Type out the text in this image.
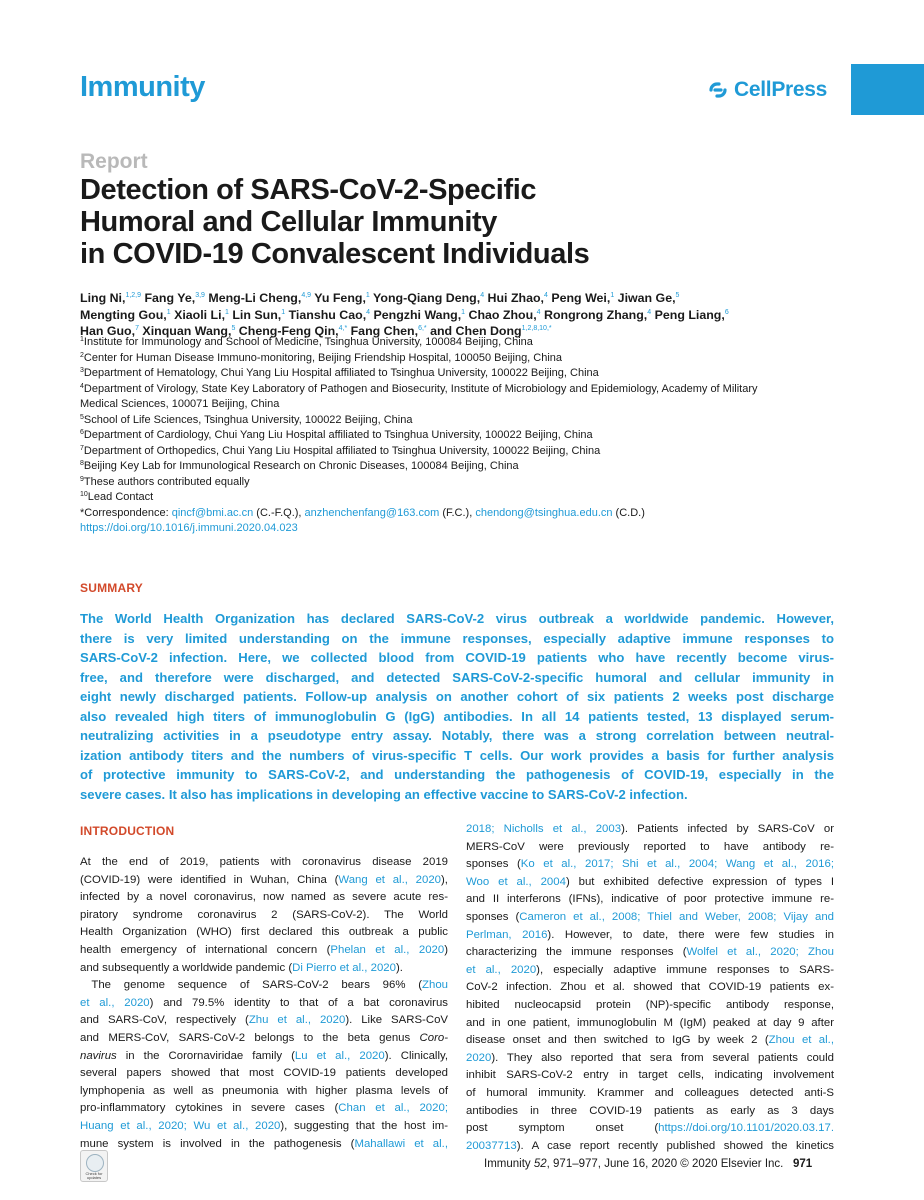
Immunity	CellPress
Report
Detection of SARS-CoV-2-Specific
Humoral and Cellular Immunity
in COVID-19 Convalescent Individuals
Ling Ni,$^{1,2,9}$ Fang Ye,$^{3,9}$ Meng-Li Cheng,$^{4,9}$ Yu Feng,$^1$ Yong-Qiang Deng,$^4$ Hui Zhao,$^4$ Peng Wei,$^1$ Jiwan Ge,$^5$
Mengting Gou,$^1$ Xiaoli Li,$^1$ Lin Sun,$^1$ Tianshu Cao,$^4$ Pengzhi Wang,$^1$ Chao Zhou,$^4$ Rongrong Zhang,$^4$ Peng Liang,$^6$
Han Guo,$^7$ Xinquan Wang,$^5$ Cheng-Feng Qin,$^{4,*}$ Fang Chen,$^{6,*}$ and Chen Dong$^{1,2,8,10,*}$
$^1$Institute for Immunology and School of Medicine, Tsinghua University, 100084 Beijing, China
$^2$Center for Human Disease Immuno-monitoring, Beijing Friendship Hospital, 100050 Beijing, China
$^3$Department of Hematology, Chui Yang Liu Hospital affiliated to Tsinghua University, 100022 Beijing, China
$^4$Department of Virology, State Key Laboratory of Pathogen and Biosecurity, Institute of Microbiology and Epidemiology, Academy of Military
Medical Sciences, 100071 Beijing, China
$^5$School of Life Sciences, Tsinghua University, 100022 Beijing, China
$^6$Department of Cardiology, Chui Yang Liu Hospital affiliated to Tsinghua University, 100022 Beijing, China
$^7$Department of Orthopedics, Chui Yang Liu Hospital affiliated to Tsinghua University, 100022 Beijing, China
$^8$Beijing Key Lab for Immunological Research on Chronic Diseases, 100084 Beijing, China
$^9$These authors contributed equally
$^{10}$Lead Contact
*Correspondence: qincf@bmi.ac.cn (C.-F.Q.), anzhenchenfang@163.com (F.C.), chendong@tsinghua.edu.cn (C.D.)
https://doi.org/10.1016/j.immuni.2020.04.023
SUMMARY
The World Health Organization has declared SARS-CoV-2 virus outbreak a worldwide pandemic. However,
there is very limited understanding on the immune responses, especially adaptive immune responses to
SARS-CoV-2 infection. Here, we collected blood from COVID-19 patients who have recently become virus-
free, and therefore were discharged, and detected SARS-CoV-2-specific humoral and cellular immunity in
eight newly discharged patients. Follow-up analysis on another cohort of six patients 2 weeks post discharge
also revealed high titers of immunoglobulin G (IgG) antibodies. In all 14 patients tested, 13 displayed serum-
neutralizing activities in a pseudotype entry assay. Notably, there was a strong correlation between neutral-
ization antibody titers and the numbers of virus-specific T cells. Our work provides a basis for further analysis
of protective immunity to SARS-CoV-2, and understanding the pathogenesis of COVID-19, especially in the
severe cases. It also has implications in developing an effective vaccine to SARS-CoV-2 infection.
INTRODUCTION
At the end of 2019, patients with coronavirus disease 2019
(COVID-19) were identified in Wuhan, China (Wang et al., 2020),
infected by a novel coronavirus, now named as severe acute res-
piratory syndrome coronavirus 2 (SARS-CoV-2). The World
Health Organization (WHO) first declared this outbreak a public
health emergency of international concern (Phelan et al., 2020)
and subsequently a worldwide pandemic (Di Pierro et al., 2020).
 The genome sequence of SARS-CoV-2 bears 96% (Zhou
et al., 2020) and 79.5% identity to that of a bat coronavirus
and SARS-CoV, respectively (Zhu et al., 2020). Like SARS-CoV
and MERS-CoV, SARS-CoV-2 belongs to the beta genus Coro-
navirus in the Corornaviridae family (Lu et al., 2020). Clinically,
several papers showed that most COVID-19 patients developed
lymphopenia as well as pneumonia with higher plasma levels of
pro-inflammatory cytokines in severe cases (Chan et al., 2020;
Huang et al., 2020; Wu et al., 2020), suggesting that the host im-
mune system is involved in the pathogenesis (Mahallawi et al.,
2018; Nicholls et al., 2003). Patients infected by SARS-CoV or
MERS-CoV were previously reported to have antibody re-
sponses (Ko et al., 2017; Shi et al., 2004; Wang et al., 2016;
Woo et al., 2004) but exhibited defective expression of types I
and II interferons (IFNs), indicative of poor protective immune re-
sponses (Cameron et al., 2008; Thiel and Weber, 2008; Vijay and
Perlman, 2016). However, to date, there were few studies in
characterizing the immune responses (Wolfel et al., 2020; Zhou
et al., 2020), especially adaptive immune responses to SARS-
CoV-2 infection. Zhou et al. showed that COVID-19 patients ex-
hibited nucleocapsid protein (NP)-specific antibody response,
and in one patient, immunoglobulin M (IgM) peaked at day 9 after
disease onset and then switched to IgG by week 2 (Zhou et al.,
2020). They also reported that sera from several patients could
inhibit SARS-CoV-2 entry in target cells, indicating involvement
of humoral immunity. Krammer and colleagues detected anti-S
antibodies in three COVID-19 patients as early as 3 days
post symptom onset (https://doi.org/10.1101/2020.03.17.
20037713). A case report recently published showed the kinetics
Check for updates
Immunity 52, 971–977, June 16, 2020 © 2020 Elsevier Inc. 971
